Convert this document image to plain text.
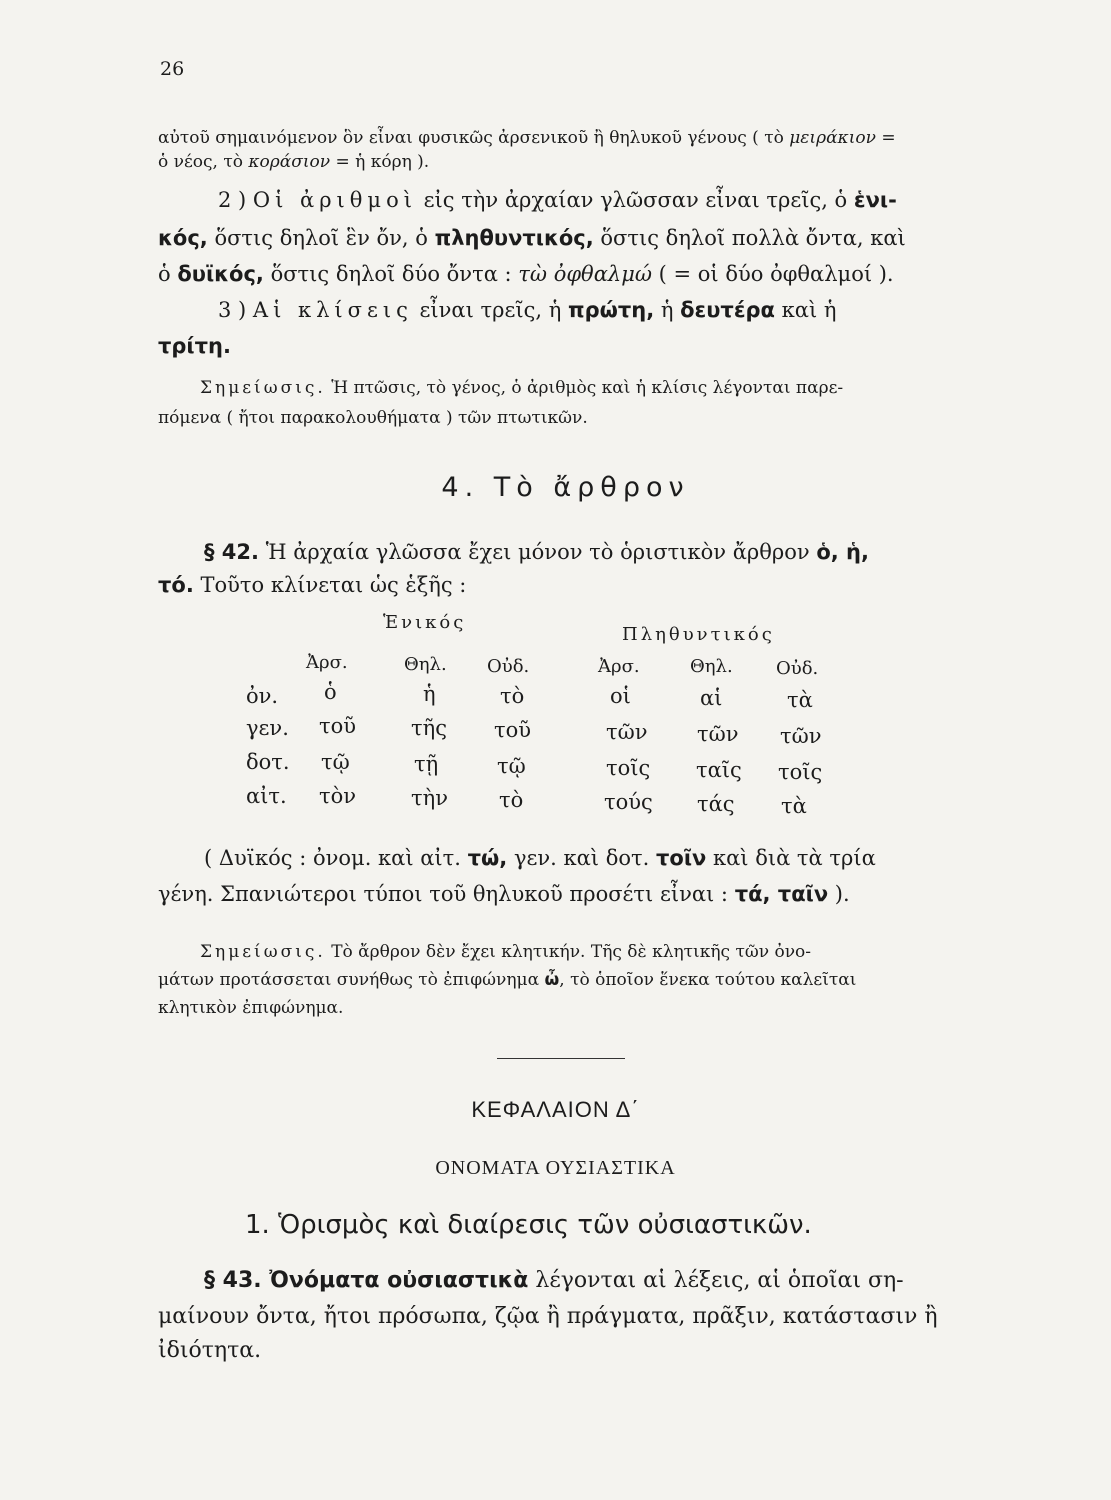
26
αὐτοῦ σημαινόμενον ὃν εἶναι φυσικῶς ἀρσενικοῦ ἢ θηλυκοῦ γένους ( τὸ μειράκιον =
ὁ νέος, τὸ κοράσιον = ἡ κόρη ).
2 ) Οἱ ἀριθμοὶ εἰς τὴν ἀρχαίαν γλῶσσαν εἶναι τρεῖς, ὁ ἑνι-
κός, ὅστις δηλοῖ ἓν ὄν, ὁ πληθυντικός, ὅστις δηλοῖ πολλὰ ὄντα, καὶ
ὁ δυϊκός, ὅστις δηλοῖ δύο ὄντα : τὼ ὀφθαλμώ ( = οἱ δύο ὀφθαλμοί ).
3 ) Αἱ κλίσεις εἶναι τρεῖς, ἡ πρώτη, ἡ δευτέρα καὶ ἡ
τρίτη.
Σημείωσις. Ἡ πτῶσις, τὸ γένος, ὁ ἀριθμὸς καὶ ἡ κλίσις λέγονται παρε-
πόμενα ( ἤτοι παρακολουθήματα ) τῶν πτωτικῶν.
4. Τὸ ἄρθρον
§ 42. Ἡ ἀρχαία γλῶσσα ἔχει μόνον τὸ ὁριστικὸν ἄρθρον ὁ, ἡ,
τό. Τοῦτο κλίνεται ὡς ἑξῆς :
Ἑνικός
Πληθυντικός
Ἀρσ.	Θηλ. Οὐδ.	Ἀρσ.	Θηλ. Οὐδ.
ὀν. ὁ	ἡ	τὸ	οἱ	αἱ	τὰ
γεν. τοῦ	τῆς τοῦ	τῶν τῶν τῶν
δοτ. τῷ	τῇ	τῷ	τοῖς ταῖς τοῖς
αἰτ. τὸν	τὴν τὸ	τούς τάς τὰ
( Δυϊκός : ὀνομ. καὶ αἰτ. τώ, γεν. καὶ δοτ. τοῖν καὶ διὰ τὰ τρία
γένη. Σπανιώτεροι τύποι τοῦ θηλυκοῦ προσέτι εἶναι : τά, ταῖν ).
Σημείωσις. Τὸ ἄρθρον δὲν ἔχει κλητικήν. Τῆς δὲ κλητικῆς τῶν ὀνο-
μάτων προτάσσεται συνήθως τὸ ἐπιφώνημα ὦ, τὸ ὁποῖον ἕνεκα τούτου καλεῖται
κλητικὸν ἐπιφώνημα.
ΚΕΦΑΛΑΙΟΝ Δ΄
ΟΝΟΜΑΤΑ ΟΥΣΙΑΣΤΙΚΑ
1. Ὁρισμὸς καὶ διαίρεσις τῶν οὐσιαστικῶν.
§ 43. Ὀνόματα οὐσιαστικὰ λέγονται αἱ λέξεις, αἱ ὁποῖαι ση-
μαίνουν ὄντα, ἤτοι πρόσωπα, ζῷα ἢ πράγματα, πρᾶξιν, κατάστασιν ἢ
ἰδιότητα.
